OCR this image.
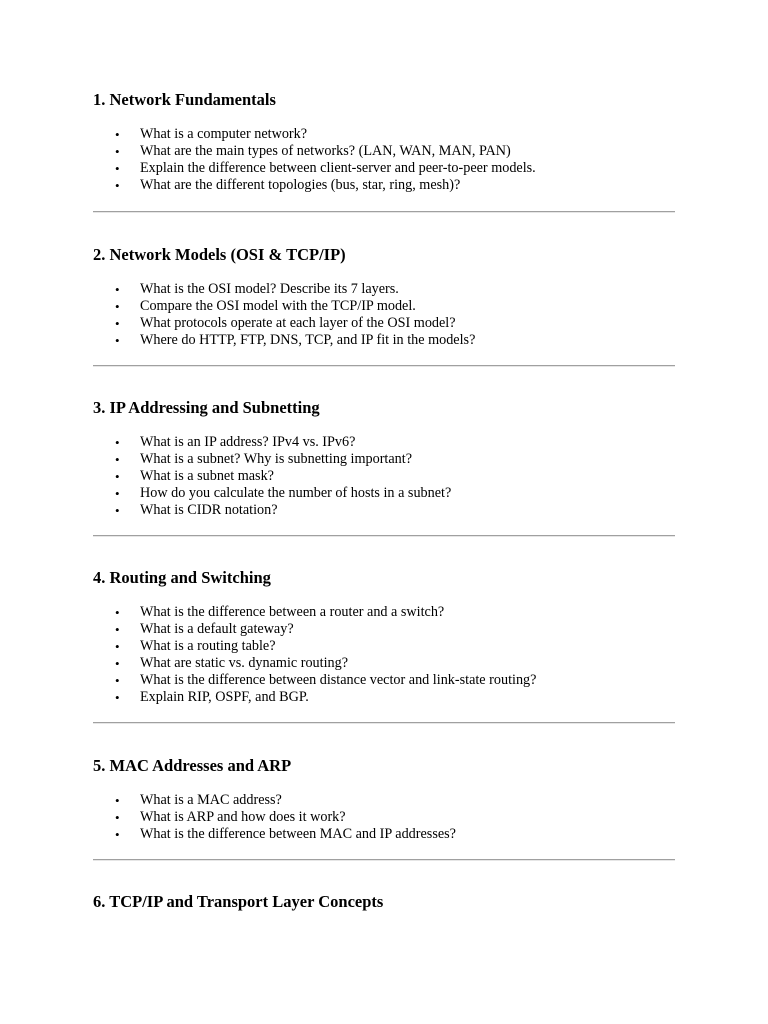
1. Network Fundamentals
• What is a computer network?
• What are the main types of networks? (LAN, WAN, MAN, PAN)
• Explain the difference between client-server and peer-to-peer models.
• What are the different topologies (bus, star, ring, mesh)?
2. Network Models (OSI & TCP/IP)
• What is the OSI model? Describe its 7 layers.
• Compare the OSI model with the TCP/IP model.
• What protocols operate at each layer of the OSI model?
• Where do HTTP, FTP, DNS, TCP, and IP fit in the models?
3. IP Addressing and Subnetting
• What is an IP address? IPv4 vs. IPv6?
• What is a subnet? Why is subnetting important?
• What is a subnet mask?
• How do you calculate the number of hosts in a subnet?
• What is CIDR notation?
4. Routing and Switching
• What is the difference between a router and a switch?
• What is a default gateway?
• What is a routing table?
• What are static vs. dynamic routing?
• What is the difference between distance vector and link-state routing?
• Explain RIP, OSPF, and BGP.
5. MAC Addresses and ARP
• What is a MAC address?
• What is ARP and how does it work?
• What is the difference between MAC and IP addresses?
6. TCP/IP and Transport Layer Concepts
